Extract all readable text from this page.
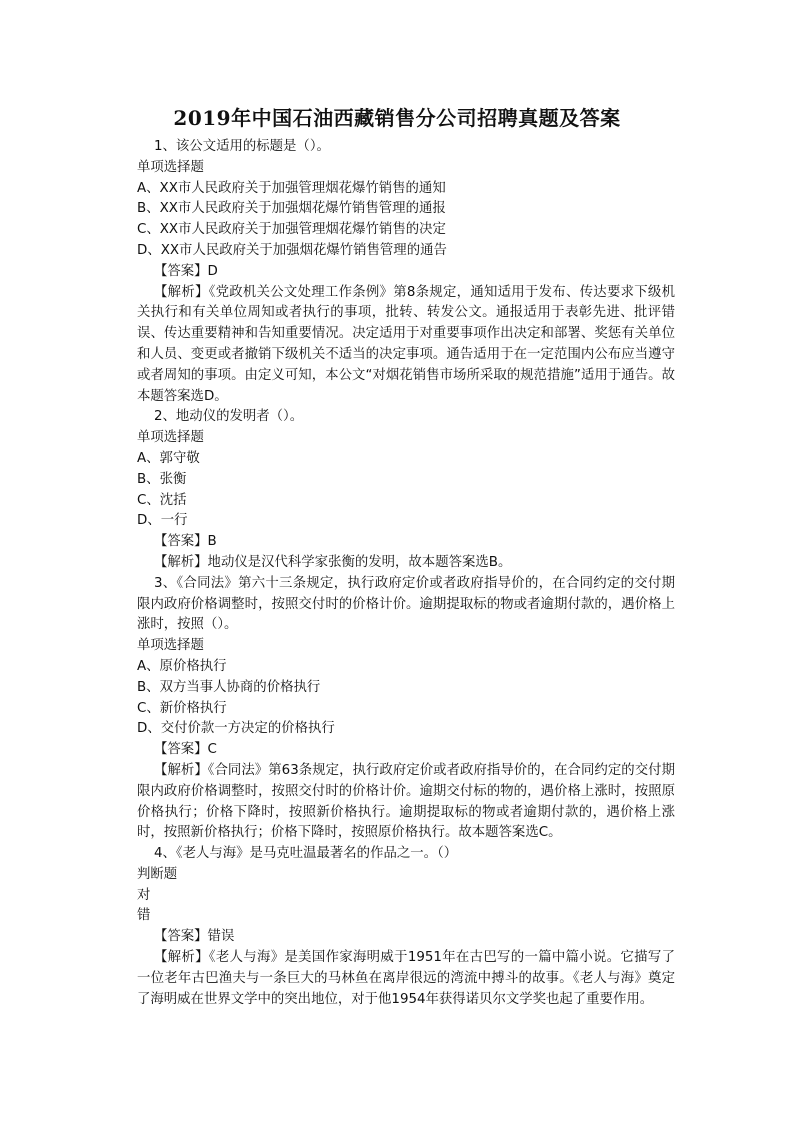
2019年中国石油西藏销售分公司招聘真题及答案
1、该公文适用的标题是（）。
单项选择题
A、XX市人民政府关于加强管理烟花爆竹销售的通知
B、XX市人民政府关于加强烟花爆竹销售管理的通报
C、XX市人民政府关于加强管理烟花爆竹销售的决定
D、XX市人民政府关于加强烟花爆竹销售管理的通告
【答案】D
【解析】《党政机关公文处理工作条例》第8条规定，通知适用于发布、传达要求下级机关执行和有关单位周知或者执行的事项，批转、转发公文。通报适用于表彰先进、批评错误、传达重要精神和告知重要情况。决定适用于对重要事项作出决定和部署、奖惩有关单位和人员、变更或者撤销下级机关不适当的决定事项。通告适用于在一定范围内公布应当遵守或者周知的事项。由定义可知，本公文“对烟花销售市场所采取的规范措施”适用于通告。故本题答案选D。
2、地动仪的发明者（）。
单项选择题
A、郭守敬
B、张衡
C、沈括
D、一行
【答案】B
【解析】地动仪是汉代科学家张衡的发明，故本题答案选B。
3、《合同法》第六十三条规定，执行政府定价或者政府指导价的，在合同约定的交付期限内政府价格调整时，按照交付时的价格计价。逾期提取标的物或者逾期付款的，遇价格上涨时，按照（）。
单项选择题
A、原价格执行
B、双方当事人协商的价格执行
C、新价格执行
D、交付价款一方决定的价格执行
【答案】C
【解析】《合同法》第63条规定，执行政府定价或者政府指导价的，在合同约定的交付期限内政府价格调整时，按照交付时的价格计价。逾期交付标的物的，遇价格上涨时，按照原价格执行；价格下降时，按照新价格执行。逾期提取标的物或者逾期付款的，遇价格上涨时，按照新价格执行；价格下降时，按照原价格执行。故本题答案选C。
4、《老人与海》是马克吐温最著名的作品之一。（）
判断题
对
错
【答案】错误
【解析】《老人与海》是美国作家海明威于1951年在古巴写的一篇中篇小说。它描写了一位老年古巴渔夫与一条巨大的马林鱼在离岸很远的湾流中搏斗的故事。《老人与海》奠定了海明威在世界文学中的突出地位，对于他1954年获得诺贝尔文学奖也起了重要作用。
